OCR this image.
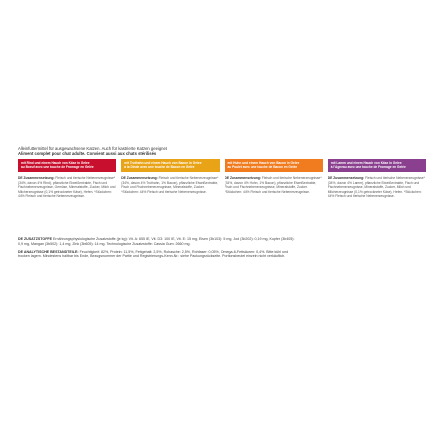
Alleinfuttermittel für ausgewachsene Katzen. Auch für kastrierte Katzen geeignet
Aliment complet pour chat adulte. Convient aussi aux chats stérilisés
mit Rind und einem Hauch von Käse in Gelee
au Boeuf avec une touche de Fromage en Gelée
mit Truthahn und einem Hauch von Bacon in Gelee
à la Dinde avec une touche de Bacon en Gelée
mit Huhn und einem Hauch von Bacon in Gelee
au Poulet avec une touche de Bacon en Gelée
mit Lamm und einem Hauch von Käse in Gelee
à l'Agneau avec une touche de Fromage en Gelée
DE Zusammensetzung: Fleisch und tierische Nebenerzeugnisse* (34%, davon 4% Rind), pflanzliche Eiweißextrakte, Fisch und Fischnebenerzeugnisse, Gemüse, Mineralstoffe, Zucker, Milch und Milcherzeugnisse (0,1% getrockneter Käse), Hefen. *Stückchen: 44% Fleisch und tierische Nebenerzeugnisse.
DE Zusammensetzung: Fleisch und tierische Nebenerzeugnisse* (34%, davon 4% Truthahn, 1% Bacon), pflanzliche Eiweißextrakte, Fisch und Fischnebenerzeugnisse, Mineralstoffe, Zucker. *Stückchen: 44% Fleisch und tierische Nebenerzeugnisse.
DE Zusammensetzung: Fleisch und tierische Nebenerzeugnisse* (34%, davon 4% Huhn, 1% Bacon), pflanzliche Eiweißextrakte, Fisch und Fischnebenerzeugnisse, Mineralstoffe, Zucker. *Stückchen: 44% Fleisch und tierische Nebenerzeugnisse.
DE Zusammensetzung: Fleisch und tierische Nebenerzeugnisse* (34%, davon 4% Lamm), pflanzliche Eiweißextrakte, Fisch und Fischnebenerzeugnisse, Mineralstoffe, Zucker, Milch und Milcherzeugnisse (0,1% getrockneter Käse), Hefen. *Stückchen: 44% Fleisch und tierische Nebenerzeugnisse.
DE ZUSATZSTOFFE Ernährungsphysiologische Zusatzstoffe (je kg): Vit. A: 655 IE, Vit. D3: 100 IE, Vit. E: 15 mg, Eisen (3b103): 5 mg, Jod (3b202): 0,19 mg, Kupfer (3b405): 0,9 mg, Mangan (3b502): 1,4 mg, Zink (3b605): 14 mg. Technologische Zusatzstoffe: Cassia Gum: 2660 mg.
DE ANALYTISCHE BESTANDTEILE: Feuchtigkeit: 82%, Protein: 11,5%, Fettgehalt: 2,5%, Rohasche: 2,5%, Rohfaser: 0,05%, Omega-6-Fettsäuren: 0,4%. Bitte kühl und trocken lagern. Mindestens haltbar bis Ende, Bezugsnummer der Partie und Registrierungs-Kenn-Nr.: siehe Packungsrückseite. Portionsbeutel einzeln nicht verkäuflich.
